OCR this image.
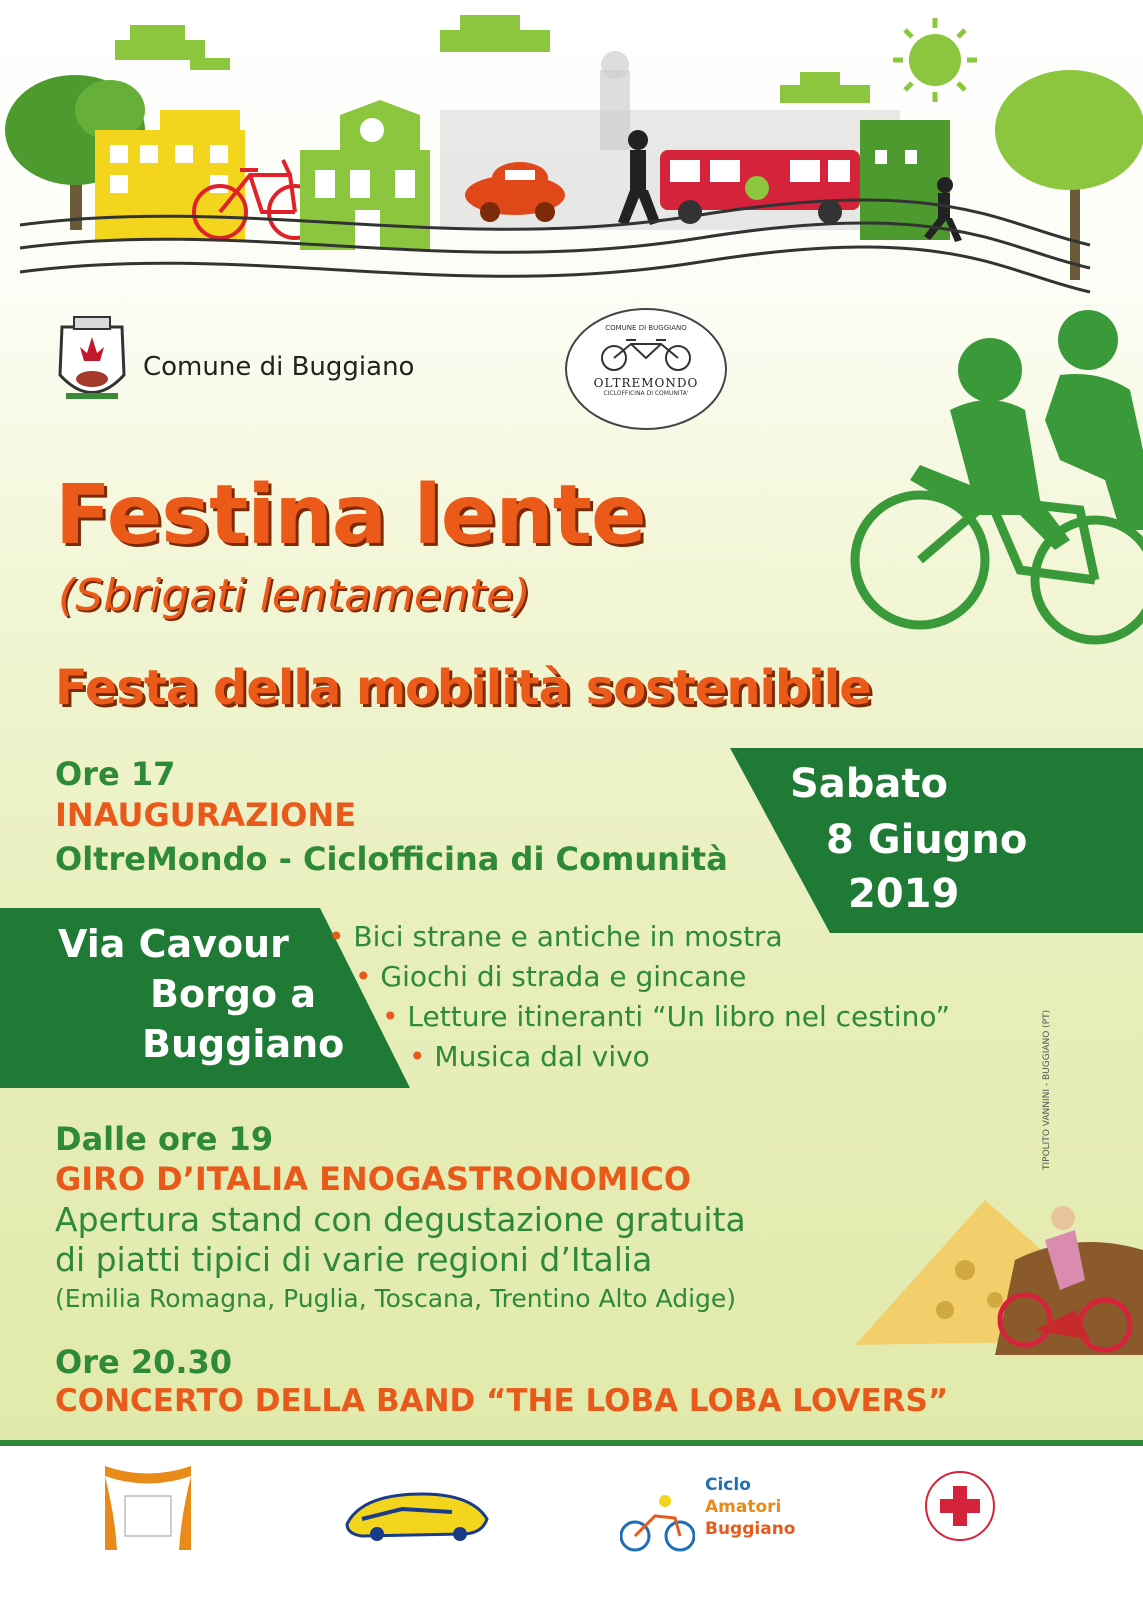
Comune di Buggiano
COMUNE DI BUGGIANO
OLTREMONDO
CICLOFFICINA DI COMUNITA'
Festina lente
(Sbrigati lentamente)
Festa della mobilità sostenibile
Sabato
8 Giugno
2019
Ore 17
INAUGURAZIONE
OltreMondo - Ciclofficina di Comunità
Via Cavour
Borgo a
Buggiano
• Bici strane e antiche in mostra
• Giochi di strada e gincane
• Letture itineranti “Un libro nel cestino”
• Musica dal vivo	TIPOLITO VANNINI - BUGGIANO (PT)
Dalle ore 19
GIRO D’ITALIA ENOGASTRONOMICO
Apertura stand con degustazione gratuita
di piatti tipici di varie regioni d’Italia
(Emilia Romagna, Puglia, Toscana, Trentino Alto Adige)
Ore 20.30
CONCERTO DELLA BAND “THE LOBA LOBA LOVERS”
Ciclo
Amatori
Buggiano
